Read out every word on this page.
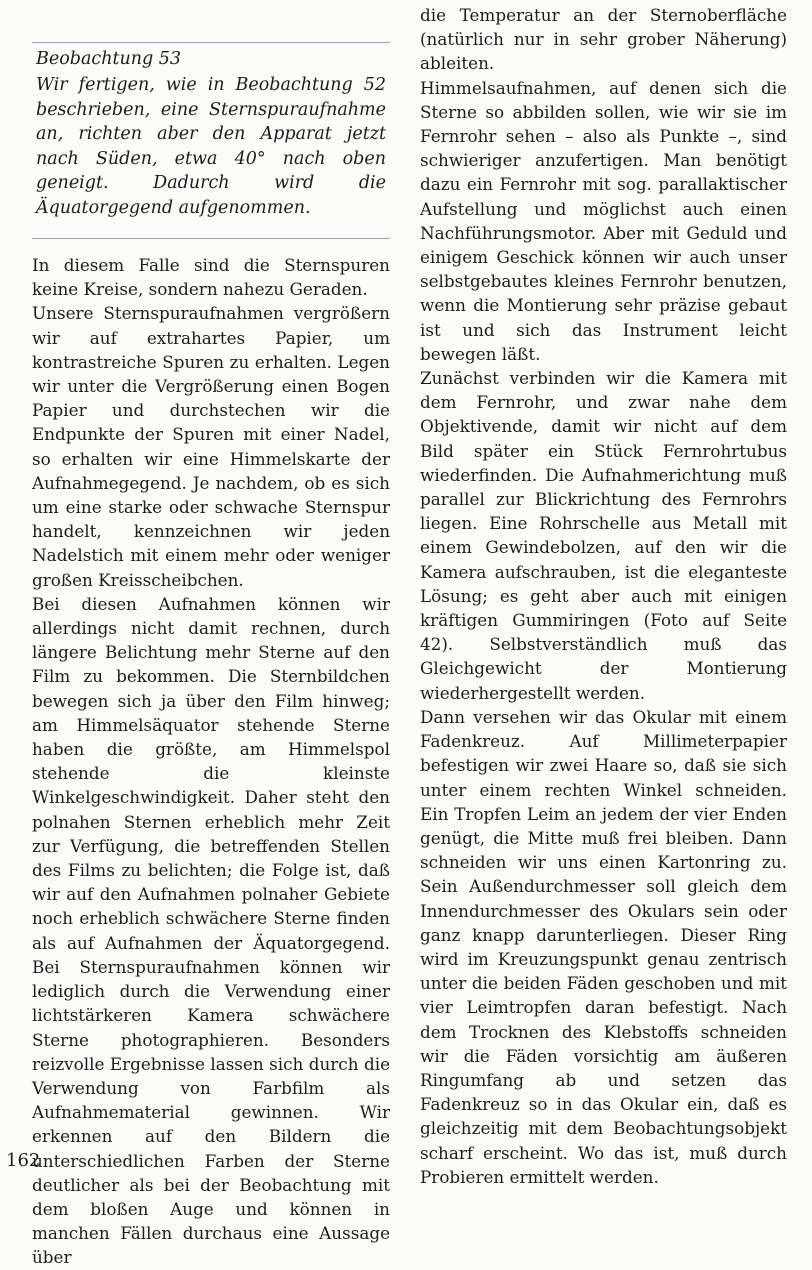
Beobachtung 53

Wir fertigen, wie in Beobachtung 52 beschrieben, eine Sternspuraufnahme an, richten aber den Apparat jetzt nach Süden, etwa 40° nach oben geneigt. Dadurch wird die Äquatorgegend aufgenommen.

In diesem Falle sind die Sternspuren keine Kreise, sondern nahezu Geraden.

Unsere Sternspuraufnahmen vergrößern wir auf extrahartes Papier, um kontrastreiche Spuren zu erhalten. Legen wir unter die Vergrößerung einen Bogen Papier und durchstechen wir die Endpunkte der Spuren mit einer Nadel, so erhalten wir eine Himmelskarte der Aufnahmegegend. Je nachdem, ob es sich um eine starke oder schwache Sternspur handelt, kennzeichnen wir jeden Nadelstich mit einem mehr oder weniger großen Kreisscheibchen.

Bei diesen Aufnahmen können wir allerdings nicht damit rechnen, durch längere Belichtung mehr Sterne auf den Film zu bekommen. Die Sternbildchen bewegen sich ja über den Film hinweg; am Himmelsäquator stehende Sterne haben die größte, am Himmelspol stehende die kleinste Winkelgeschwindigkeit. Daher steht den polnahen Sternen erheblich mehr Zeit zur Verfügung, die betreffenden Stellen des Films zu belichten; die Folge ist, daß wir auf den Aufnahmen polnaher Gebiete noch erheblich schwächere Sterne finden als auf Aufnahmen der Äquatorgegend. Bei Sternspuraufnahmen können wir lediglich durch die Verwendung einer lichtstärkeren Kamera schwächere Sterne photographieren. Besonders reizvolle Ergebnisse lassen sich durch die Verwendung von Farbfilm als Aufnahmematerial gewinnen. Wir erkennen auf den Bildern die unterschiedlichen Farben der Sterne deutlicher als bei der Beobachtung mit dem bloßen Auge und können in manchen Fällen durchaus eine Aussage über

die Temperatur an der Sternoberfläche (natürlich nur in sehr grober Näherung) ableiten.

Himmelsaufnahmen, auf denen sich die Sterne so abbilden sollen, wie wir sie im Fernrohr sehen – also als Punkte –, sind schwieriger anzufertigen. Man benötigt dazu ein Fernrohr mit sog. parallaktischer Aufstellung und möglichst auch einen Nachführungsmotor. Aber mit Geduld und einigem Geschick können wir auch unser selbstgebautes kleines Fernrohr benutzen, wenn die Montierung sehr präzise gebaut ist und sich das Instrument leicht bewegen läßt.

Zunächst verbinden wir die Kamera mit dem Fernrohr, und zwar nahe dem Objektivende, damit wir nicht auf dem Bild später ein Stück Fernrohrtubus wiederfinden. Die Aufnahmerichtung muß parallel zur Blickrichtung des Fernrohrs liegen. Eine Rohrschelle aus Metall mit einem Gewindebolzen, auf den wir die Kamera aufschrauben, ist die eleganteste Lösung; es geht aber auch mit einigen kräftigen Gummiringen (Foto auf Seite 42). Selbstverständlich muß das Gleichgewicht der Montierung wiederhergestellt werden.

Dann versehen wir das Okular mit einem Fadenkreuz. Auf Millimeterpapier befestigen wir zwei Haare so, daß sie sich unter einem rechten Winkel schneiden. Ein Tropfen Leim an jedem der vier Enden genügt, die Mitte muß frei bleiben. Dann schneiden wir uns einen Kartonring zu. Sein Außendurchmesser soll gleich dem Innendurchmesser des Okulars sein oder ganz knapp darunterliegen. Dieser Ring wird im Kreuzungspunkt genau zentrisch unter die beiden Fäden geschoben und mit vier Leimtropfen daran befestigt. Nach dem Trocknen des Klebstoffs schneiden wir die Fäden vorsichtig am äußeren Ringumfang ab und setzen das Fadenkreuz so in das Okular ein, daß es gleichzeitig mit dem Beobachtungsobjekt scharf erscheint. Wo das ist, muß durch Probieren ermittelt werden.

162
